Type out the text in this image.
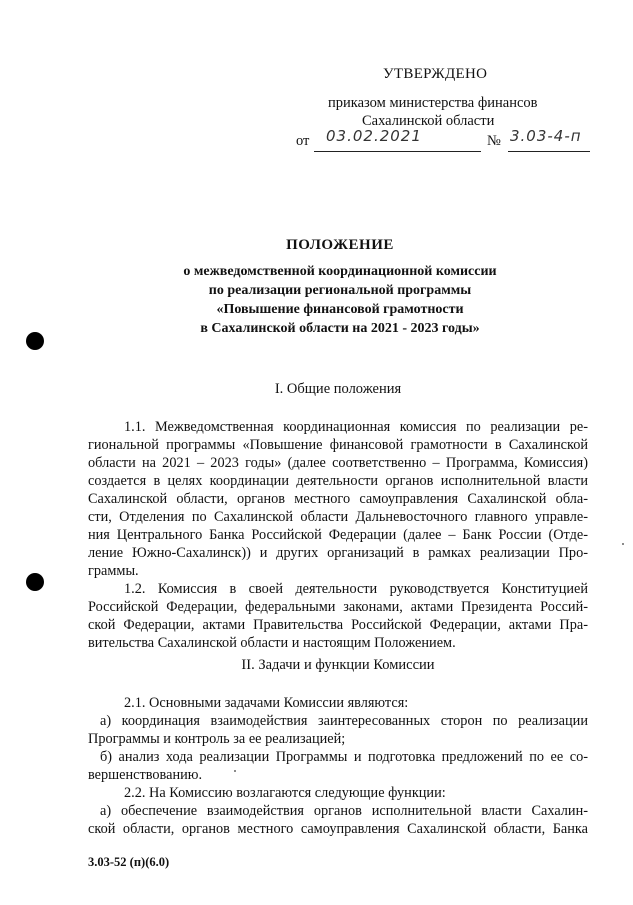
УТВЕРЖДЕНО
приказом министерства финансов
Сахалинской области
от 03.02.2021	№ 3.03-4-п
ПОЛОЖЕНИЕ
о межведомственной координационной комиссии
по реализации региональной программы
«Повышение финансовой грамотности
в Сахалинской области на 2021 - 2023 годы»
I. Общие положения
1.1. Межведомственная координационная комиссия по реализации ре-
гиональной программы «Повышение финансовой грамотности в Сахалинской
области на 2021 – 2023 годы» (далее соответственно – Программа, Комиссия)
создается в целях координации деятельности органов исполнительной власти
Сахалинской области, органов местного самоуправления Сахалинской обла-
сти, Отделения по Сахалинской области Дальневосточного главного управле-
ния Центрального Банка Российской Федерации (далее – Банк России (Отде-
ление Южно-Сахалинск)) и других организаций в рамках реализации Про-
граммы.
1.2. Комиссия в своей деятельности руководствуется Конституцией
Российской Федерации, федеральными законами, актами Президента Россий-
ской Федерации, актами Правительства Российской Федерации, актами Пра-
вительства Сахалинской области и настоящим Положением.
II. Задачи и функции Комиссии
2.1. Основными задачами Комиссии являются:
а) координация взаимодействия заинтересованных сторон по реализации
Программы и контроль за ее реализацией;
б) анализ хода реализации Программы и подготовка предложений по ее со-
вершенствованию.
2.2. На Комиссию возлагаются следующие функции:
а) обеспечение взаимодействия органов исполнительной власти Сахалин-
ской области, органов местного самоуправления Сахалинской области, Банка
3.03-52 (п)(6.0)
